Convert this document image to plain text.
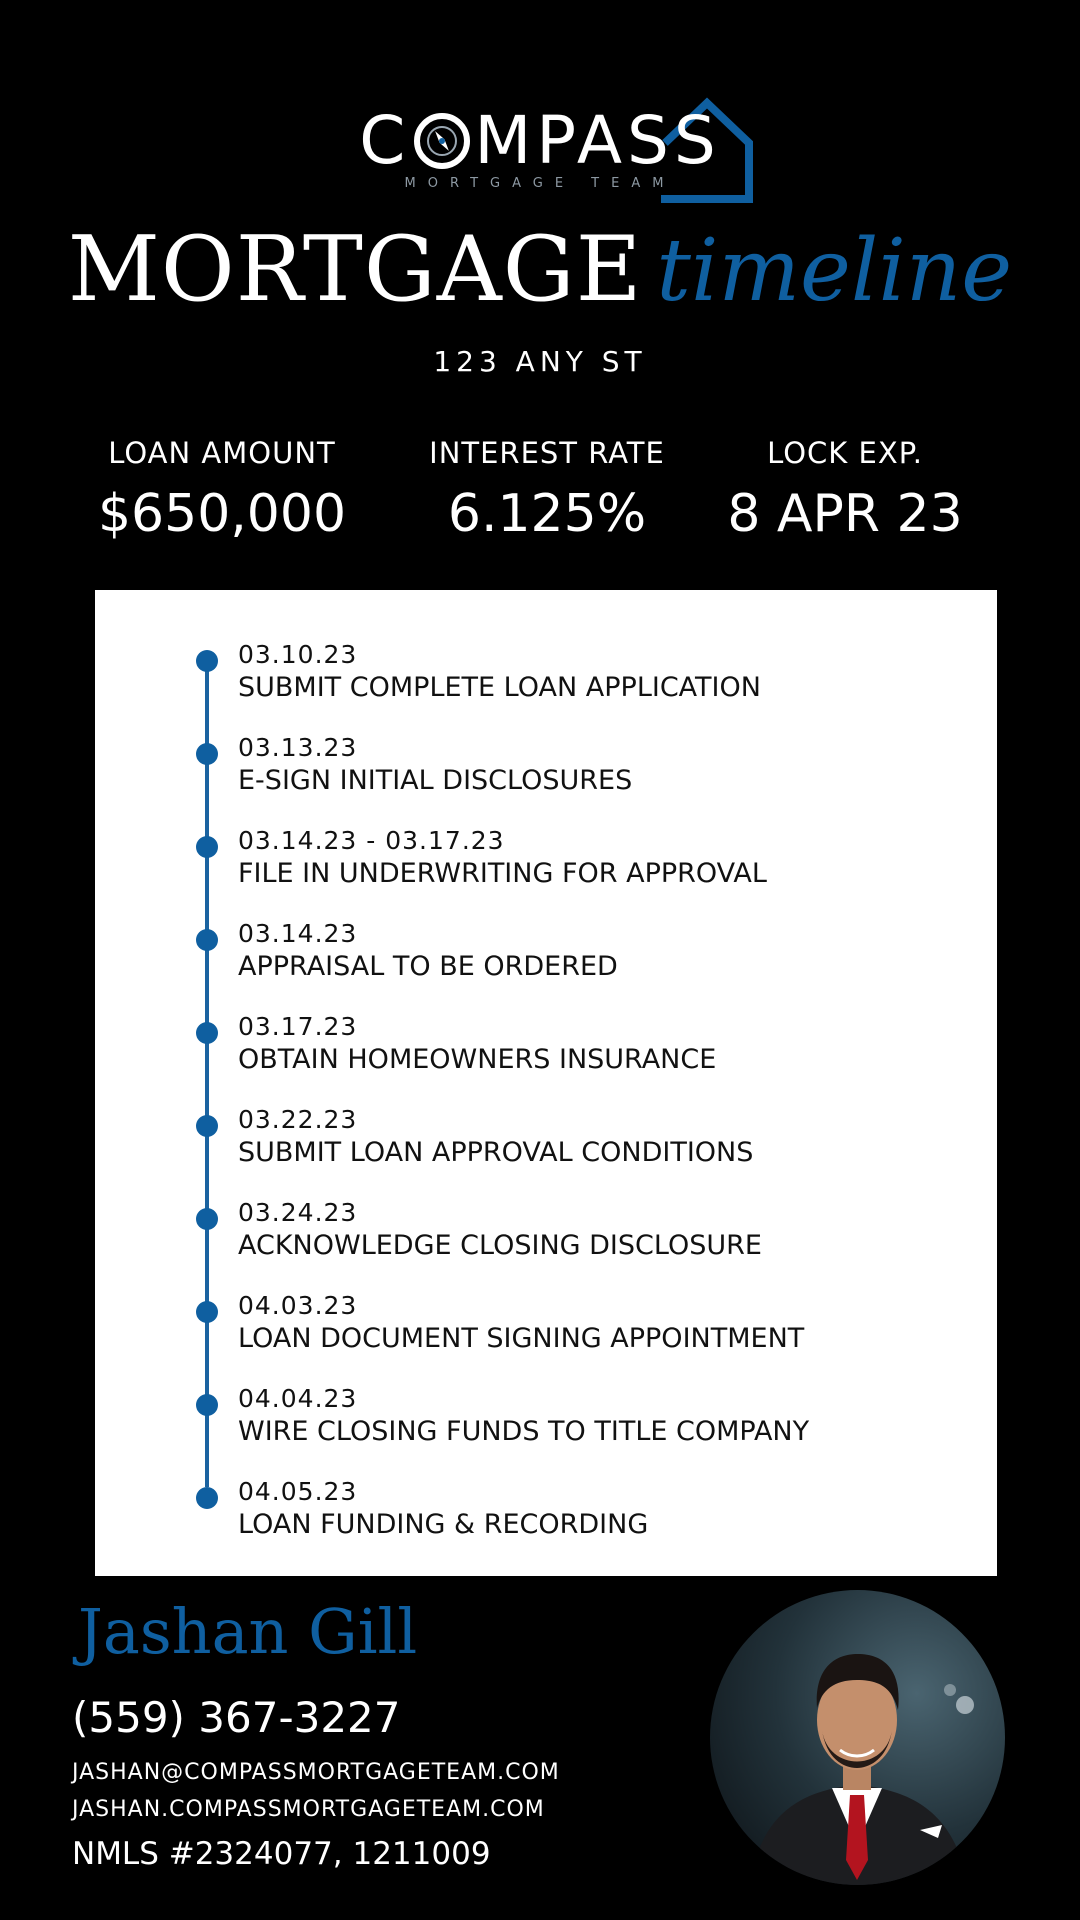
C MPASS
MORTGAGE TEAM
MORTGAGE timeline
123 ANY ST
LOAN AMOUNT
$650,000
INTEREST RATE
6.125%
LOCK EXP.
8 APR 23
03.10.23
SUBMIT COMPLETE LOAN APPLICATION
03.13.23
E-SIGN INITIAL DISCLOSURES
03.14.23 - 03.17.23
FILE IN UNDERWRITING FOR APPROVAL
03.14.23
APPRAISAL TO BE ORDERED
03.17.23
OBTAIN HOMEOWNERS INSURANCE
03.22.23
SUBMIT LOAN APPROVAL CONDITIONS
03.24.23
ACKNOWLEDGE CLOSING DISCLOSURE
04.03.23
LOAN DOCUMENT SIGNING APPOINTMENT
04.04.23
WIRE CLOSING FUNDS TO TITLE COMPANY
04.05.23
LOAN FUNDING & RECORDING
Jashan Gill
(559) 367-3227
JASHAN@COMPASSMORTGAGETEAM.COM
JASHAN.COMPASSMORTGAGETEAM.COM
NMLS #2324077, 1211009
